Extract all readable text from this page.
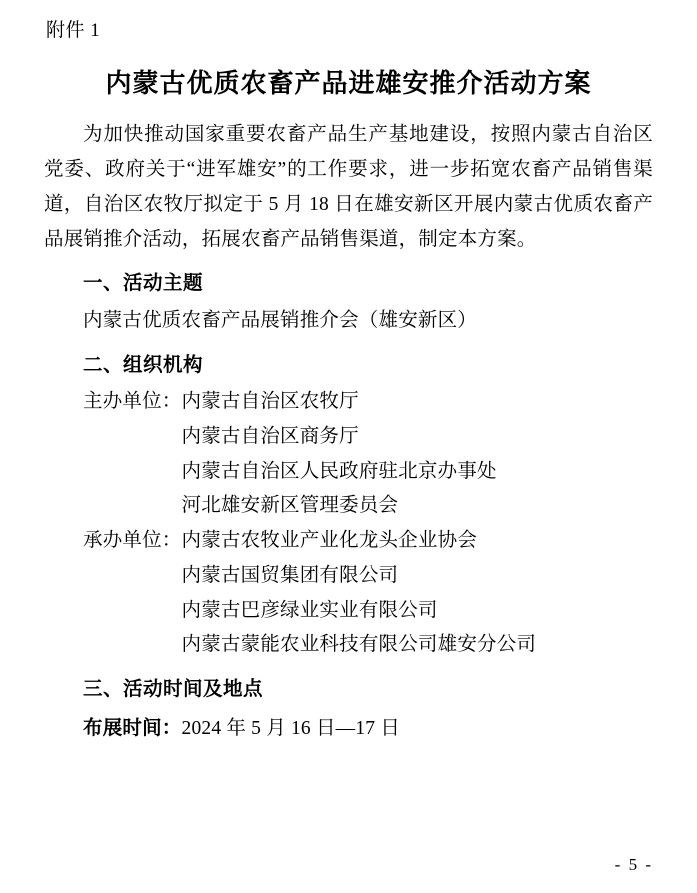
附件 1
内蒙古优质农畜产品进雄安推介活动方案

为加快推动国家重要农畜产品生产基地建设，按照内蒙古自治区党委、政府关于“进军雄安”的工作要求，进一步拓宽农畜产品销售渠道，自治区农牧厅拟定于 5 月 18 日在雄安新区开展内蒙古优质农畜产品展销推介活动，拓展农畜产品销售渠道，制定本方案。

一、活动主题
内蒙古优质农畜产品展销推介会（雄安新区）
二、组织机构
主办单位： 内蒙古自治区农牧厅
内蒙古自治区商务厅
内蒙古自治区人民政府驻北京办事处
河北雄安新区管理委员会
承办单位： 内蒙古农牧业产业化龙头企业协会
内蒙古国贸集团有限公司
内蒙古巴彦绿业实业有限公司
内蒙古蒙能农业科技有限公司雄安分公司
三、活动时间及地点
布展时间：2024 年 5 月 16 日—17 日
- 5 -
